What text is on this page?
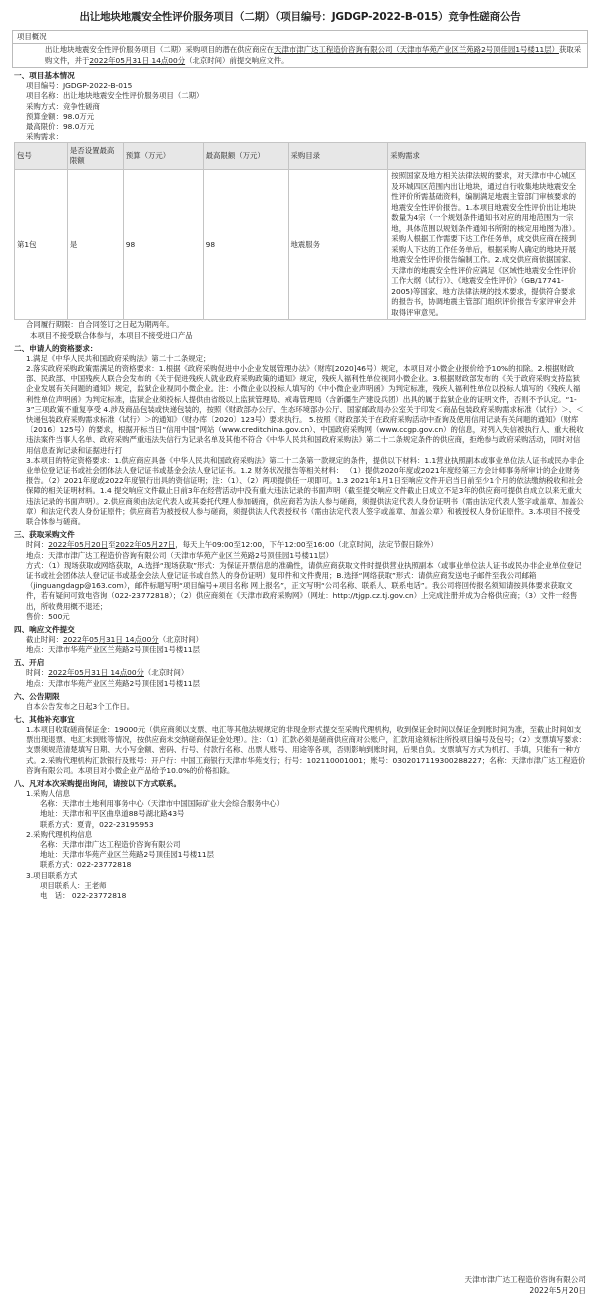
出让地块地震安全性评价服务项目（二期）（项目编号：JGDGP-2022-B-015）竞争性磋商公告
项目概况
出让地块地震安全性评价服务项目（二期）采购项目的潜在供应商应在天津市津广达工程造价咨询有限公司（天津市华苑产业区兰苑路2号顶佳园1号楼11层）获取采购文件，并于2022年05月31日 14点00分（北京时间）前提交响应文件。
一、项目基本情况
项目编号：JGDGP-2022-B-015
项目名称：出让地块地震安全性评价服务项目（二期）
采购方式：竞争性磋商
预算金额：98.0万元
最高限价：98.0万元
采购需求：
包号	是否设置最高限额	预算（万元）	最高限额（万元）	采购目录	采购需求
第1包	是	98	98	地震服务	按照国家及地方相关法律法规的要求，对天津市中心城区及环城四区范围内出让地块，通过自行收集地块地震安全性评价所需基础资料，编制满足地震主管部门审核要求的地震安全性评价报告。1.本项目地震安全性评价出让地块数量为4宗（一个规划条件通知书对应的用地范围为一宗地，具体范围以规划条件通知书所附的核定用地图为准）。采购人根据工作需要下达工作任务单，成交供应商在接到采购人下达的工作任务单后，根据采购人确定的地块开展地震安全性评价报告编制工作。2.成交供应商依据国家、天津市的地震安全性评价应满足《区域性地震安全性评价工作大纲（试行）》、《地震安全性评价》（GB/17741-2005)等国家、地方法律法规的技术要求，提供符合要求的报告书，协调地震主管部门组织评价报告专家评审会并取得评审意见。
合同履行期限：自合同签订之日起为期两年。
本项目不接受联合体参与，本项目不接受进口产品
二、申请人的资格要求：
1.满足《中华人民共和国政府采购法》第二十二条规定；
2.落实政府采购政策需满足的资格要求：1.根据《政府采购促进中小企业发展管理办法》（财库[2020]46号）规定，本项目对小微企业报价给予10%的扣除。2.根据财政部、民政部、中国残疾人联合会发布的《关于促进残疾人就业政府采购政策的通知》规定，残疾人福利性单位视同小微企业。3.根据财政部发布的《关于政府采购支持监狱企业发展有关问题的通知》规定，监狱企业视同小微企业。注：小微企业以投标人填写的《中小微企业声明函》为判定标准，残疾人福利性单位以投标人填写的《残疾人福利性单位声明函》为判定标准，监狱企业须投标人提供由省级以上监狱管理局、戒毒管理局（含新疆生产建设兵团）出具的属于监狱企业的证明文件，否则不予认定。“1-3”三项政策不重复享受 4.涉及商品包装或快递包装的，按照《财政部办公厅、生态环境部办公厅、国家邮政局办公室关于印发＜商品包装政府采购需求标准（试行）＞、＜快递包装政府采购需求标准（试行）＞的通知》（财办库〔2020〕123号）要求执行。 5.按照《财政部关于在政府采购活动中查询及使用信用记录有关问题的通知》（财库〔2016〕125号）的要求，根据开标当日“信用中国”网站（www.creditchina.gov.cn）、中国政府采购网（www.ccgp.gov.cn）的信息，对列入失信被执行人、重大税收违法案件当事人名单、政府采购严重违法失信行为记录名单及其他不符合《中华人民共和国政府采购法》第二十二条规定条件的供应商，拒绝参与政府采购活动，同时对信用信息查询记录和证据进行打
3.本项目的特定资格要求：1.供应商应具备《中华人民共和国政府采购法》第二十二条第一款规定的条件，提供以下材料：1.1营业执照副本或事业单位法人证书或民办非企业单位登记证书或社会团体法人登记证书或基金会法人登记证书。1.2 财务状况报告等相关材料： （1）提供2020年度或2021年度经第三方会计师事务所审计的企业财务报告。（2）2021年度或2022年度银行出具的资信证明；注：（1）、（2）两项提供任一项即可。1.3 2021年1月1日至响应文件开启当日前至少1个月的依法缴纳税收和社会保障的相关证明材料。1.4 提交响应文件截止日前3年在经营活动中没有重大违法记录的书面声明（截至提交响应文件截止日成立不足3年的供应商可提供自成立以来无重大违法记录的书面声明）。2.供应商须由法定代表人或其委托代理人参加磋商，供应商若为法人参与磋商，须提供法定代表人身份证明书（需由法定代表人签字或盖章、加盖公章）和法定代表人身份证原件；供应商若为被授权人参与磋商，须提供法人代表授权书（需由法定代表人签字或盖章、加盖公章）和被授权人身份证原件。3.本项目不接受联合体参与磋商。
三、获取采购文件
时间：2022年05月20日至2022年05月27日，每天上午09:00至12:00，下午12:00至16:00（北京时间，法定节假日除外）
地点：天津市津广达工程造价咨询有限公司（天津市华苑产业区兰苑路2号顶佳园1号楼11层）
方式：（1）现场获取或网络获取，A.选择“现场获取”形式：为保证开票信息的准确性，请供应商获取文件时提供营业执照副本（或事业单位法人证书或民办非企业单位登记证书或社会团体法人登记证书或基金会法人登记证书或自然人的身份证明）复印件和文件费用；B.选择“网络获取”形式：请供应商发送电子邮件至我公司邮箱（jinguangdagp@163.com），邮件标题写明“项目编号+项目名称 网上报名”，正文写明“公司名称、联系人、联系电话”。我公司将回传报名须知请按具体要求获取文件，若有疑问可致电咨询（022-23772818）；（2）供应商须在《天津市政府采购网》（网址：http://tjgp.cz.tj.gov.cn）上完成注册并成为合格供应商；（3）文件一经售出，所收费用概不退还；
售价：500元
四、响应文件提交
截止时间：2022年05月31日 14点00分（北京时间）
地点：天津市华苑产业区兰苑路2号顶佳园1号楼11层
五、开启
时间：2022年05月31日 14点00分（北京时间）
地点：天津市华苑产业区兰苑路2号顶佳园1号楼11层
六、公告期限
自本公告发布之日起3个工作日。
七、其他补充事宜
1.本项目收取磋商保证金：19000元（供应商须以支票、电汇等其他法规规定的非现金形式提交至采购代理机构，收到保证金时间以保证金到账时间为准，至截止时间如支票出现退票、电汇未到账等情况，按供应商未交纳磋商保证金处理）。注：（1）汇款必须是磋商供应商对公账户，汇款用途须标注所投项目编号及包号；（2）支票填写要求：支票须规范清楚填写日期、大小写金额、密码、行号、付款行名称、出票人账号、用途等各项，否则影响到账时间，后果自负。支票填写方式为机打、手填，只能有一种方式。2.采购代理机构汇款银行及账号：开户行：中国工商银行天津市华苑支行；行号：102110001001；账号：0302017119300288227；名称：天津市津广达工程造价咨询有限公司。本项目对小微企业产品给予10.0%的价格扣除。
八、凡对本次采购提出询问，请按以下方式联系。
1.采购人信息
名称：天津市土地利用事务中心（天津市中国国际矿业大会综合服务中心）
地址：天津市和平区曲阜道88号湖北路43号
联系方式：夏青，022-23195953
2.采购代理机构信息
名称：天津市津广达工程造价咨询有限公司
地址：天津市华苑产业区兰苑路2号顶佳园1号楼11层
联系方式：022-23772818
3.项目联系方式
项目联系人：王老师
电　话： 022-23772818
天津市津广达工程造价咨询有限公司
2022年5月20日
